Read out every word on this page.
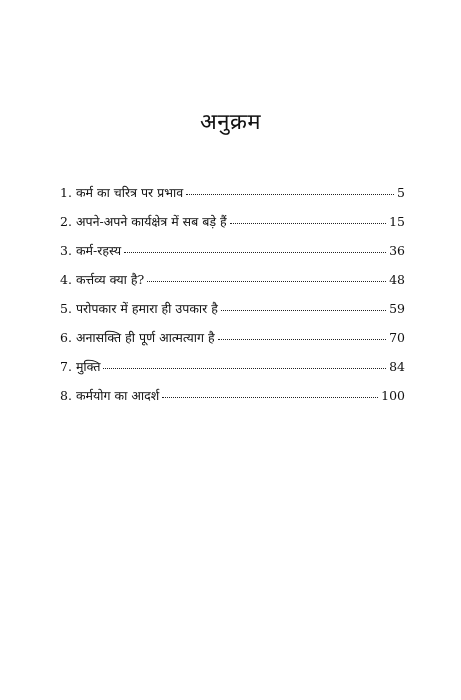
अनुक्रम
1. कर्म का चरित्र पर प्रभाव	5
2. अपने-अपने कार्यक्षेत्र में सब बड़े हैं	15
3. कर्म-रहस्य	36
4. कर्त्तव्य क्या है?	48
5. परोपकार में हमारा ही उपकार है	59
6. अनासक्ति ही पूर्ण आत्मत्याग है	70
7. मुक्ति	84
8. कर्मयोग का आदर्श	100
